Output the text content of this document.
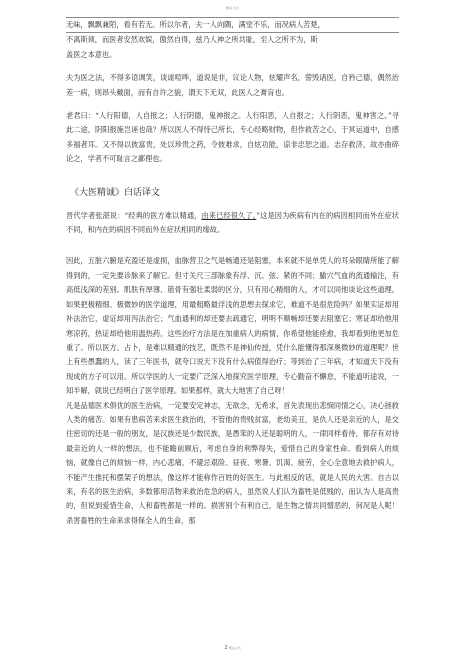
精品文档

无味，飘飘兼陌，看有若无。所以尔者，夫一人向隅，满堂不乐，而况病人苦楚，

不离斯须，而医者安然欢娱，傲然自得，兹乃人神之所共耻，至人之所不为，斯

盖医之本意也。

夫为医之法，不得多语调笑，谈谑喧哗，道说是非，议论人物，炫耀声名，訾毁诸医，自矜己德，偶然治差一病，则昂头戴面，而有自许之貌，谓天下无双，此医人之膏肓也。

老君曰：“人行阳德，人自报之；人行阴德，鬼神报之。人行阳恶，人自报之；人行阴恶，鬼神害之。”寻此二途，阴阳报施岂诬也哉？所以医人不得恃己所长，专心经略财物，但作救苦之心，于冥运道中，自感多福者耳。又不得以彼富贵，处以珍贵之药，令彼难求，自炫功能，谅非忠恕之道。志存救济，故亦曲碎论之，学者不可耻言之鄙俚也。

《大医精诚》白话译文

晋代学者张湛说：“经典的医方难以精通，由来已经很久了。”这是因为疾病有内在的病因相同而外在症状不同，和内在的病因不同而外在症状相同的缘故。

因此，五脏六腑是充盈还是虚损，血脉营卫之气是畅通还是阻塞，本来就不是单凭人的耳朵眼睛所能了解得到的，一定先要诊脉来了解它。但寸关尺三部脉象有浮、沉、弦、紧的不同；腧穴气血的流通输注，有高低浅深的差别。肌肤有厚薄、筋骨有强壮柔弱的区分，只有用心精细的人，才可以同他谈论这些道理。如果把极精细、极微妙的医学道理，用最粗略最浮浅的思想去探求它，难道不是很危险吗？如果实证却用补法治它，虚证却用泻法治它；气血通利的却还要去疏通它，明明不顺畅却还要去阻塞它；寒证却给他用寒凉药，热证却给他用温热药。这些治疗方法是在加重病人的病情，你希望他能痊愈，我却看到他更加危重了。所以医方、占卜，是难以精通的技艺，既然不是神仙传授，凭什么能懂得那深奥微妙的道理呢？世上有些愚蠢的人，读了三年医书，就夸口说天下没有什么病值得治疗；等到治了三年病，才知道天下没有现成的方子可以用。所以学医的人一定要广泛深入地探究医学原理，专心勤奋不懈怠，不能道听途说，一知半解，就说已经明白了医学原理。如果那样，就大大地害了自己呀！

凡是品德医术俱优的医生治病，一定要安定神志，无欲念，无希求，首先表现出悲悯同情之心，决心拯救人类的痛苦。如果有患病苦来求医生救治的，不管他的贵贱贫富，老幼美丑，是仇人还是亲近的人，是交往密切的还是一般的朋友，是汉族还是少数民族，是愚笨的人还是聪明的人，一律同样看待，都存有对待最亲近的人一样的想法，也不能瞻前顾后，考虑自身的利弊得失，爱惜自己的身家性命。看到病人的烦恼，就像自己的烦恼一样，内心悲痛，不避忌艰险、昼夜、寒暑、饥渴、疲劳，全心全意地去救护病人，不能产生推托和摆架子的想法，像这样才能称作百姓的好医生。与此相反的话，就是人民的大害。自古以来，有名的医生治病，多数都用活物来救治危急的病人，虽然说人们认为畜牲是低贱的，而认为人是高贵的，但说到爱惜生命，人和畜牲都是一样的。损害别个有利自己，是生物之情共同憎恶的，何况是人呢！杀害畜牲的生命来求得保全人的生命，那

2 精品文档
